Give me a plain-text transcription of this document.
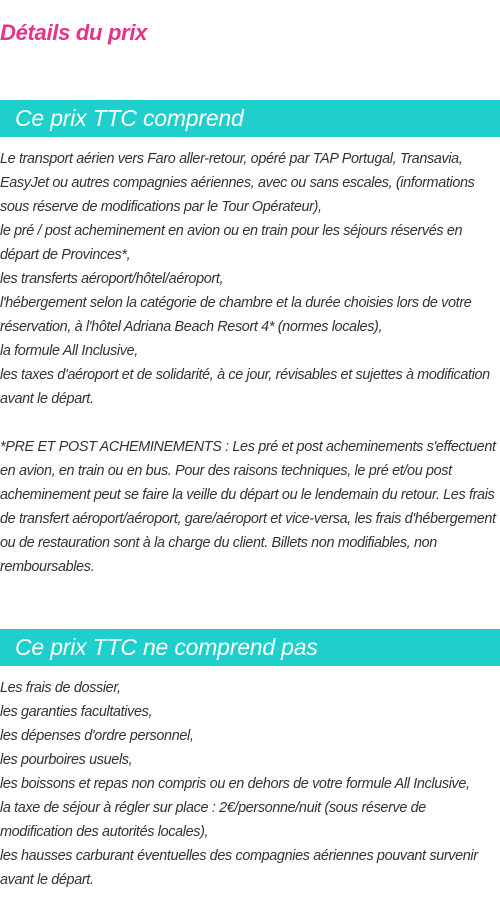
Détails du prix
Ce prix TTC comprend

Le transport aérien vers Faro aller-retour, opéré par TAP Portugal, Transavia, EasyJet ou autres compagnies aériennes, avec ou sans escales, (informations sous réserve de modifications par le Tour Opérateur),

le pré / post acheminement en avion ou en train pour les séjours réservés en départ de Provinces*,

les transferts aéroport/hôtel/aéroport,

l'hébergement selon la catégorie de chambre et la durée choisies lors de votre réservation, à l'hôtel Adriana Beach Resort 4* (normes locales),

la formule All Inclusive,

les taxes d'aéroport et de solidarité, à ce jour, révisables et sujettes à modification avant le départ.

*PRE ET POST ACHEMINEMENTS : Les pré et post acheminements s'effectuent en avion, en train ou en bus. Pour des raisons techniques, le pré et/ou post acheminement peut se faire la veille du départ ou le lendemain du retour. Les frais de transfert aéroport/aéroport, gare/aéroport et vice-versa, les frais d'hébergement ou de restauration sont à la charge du client. Billets non modifiables, non remboursables.

Ce prix TTC ne comprend pas

Les frais de dossier,

les garanties facultatives,

les dépenses d'ordre personnel,

les pourboires usuels,

les boissons et repas non compris ou en dehors de votre formule All Inclusive,

la taxe de séjour à régler sur place : 2€/personne/nuit (sous réserve de modification des autorités locales),

les hausses carburant éventuelles des compagnies aériennes pouvant survenir avant le départ.
